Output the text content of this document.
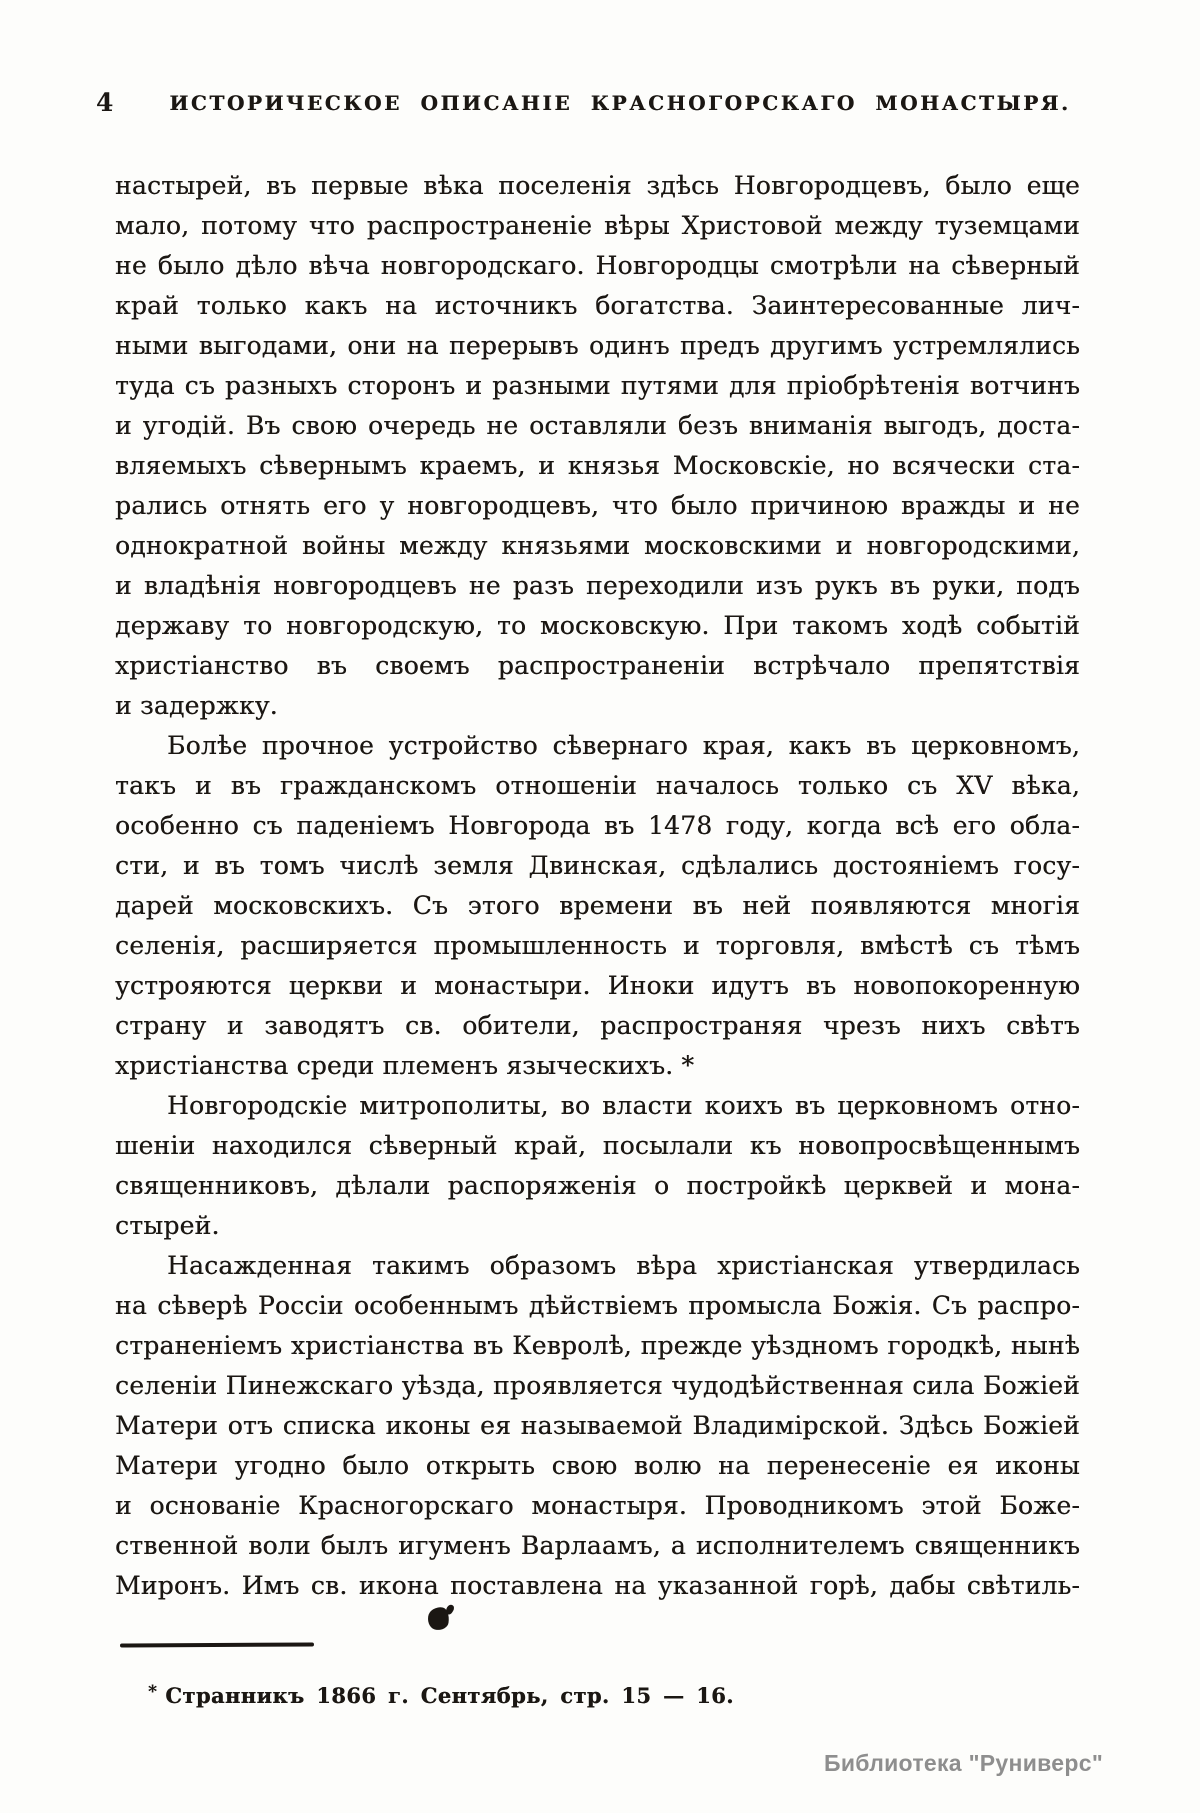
4	ИСТОРИЧЕСКОЕ ОПИСАНІЕ КРАСНОГОРСКАГО МОНАСТЫРЯ.
настырей, въ первые вѣка поселенія здѣсь Новгородцевъ, было еще
мало, потому что распространеніе вѣры Христовой между туземцами
не было дѣло вѣча новгородскаго. Новгородцы смотрѣли на сѣверный
край только какъ на источникъ богатства. Заинтересованные лич-
ными выгодами, они на перерывъ одинъ предъ другимъ устремлялись
туда съ разныхъ сторонъ и разными путями для пріобрѣтенія вотчинъ
и угодій. Въ свою очередь не оставляли безъ вниманія выгодъ, доста-
вляемыхъ сѣвернымъ краемъ, и князья Московскіе, но всячески ста-
рались отнять его у новгородцевъ, что было причиною вражды и не
однократной войны между князьями московскими и новгородскими,
и владѣнія новгородцевъ не разъ переходили изъ рукъ въ руки, подъ
державу то новгородскую, то московскую. При такомъ ходѣ событій
христіанство въ своемъ распространеніи встрѣчало препятствія
и задержку.
Болѣе прочное устройство сѣвернаго края, какъ въ церковномъ,
такъ и въ гражданскомъ отношеніи началось только съ XV вѣка,
особенно съ паденіемъ Новгорода въ 1478 году, когда всѣ его обла-
сти, и въ томъ числѣ земля Двинская, сдѣлались достояніемъ госу-
дарей московскихъ. Съ этого времени въ ней появляются многія
селенія, расширяется промышленность и торговля, вмѣстѣ съ тѣмъ
устрояются церкви и монастыри. Иноки идутъ въ новопокоренную
страну и заводятъ св. обители, распространяя чрезъ нихъ свѣтъ
христіанства среди племенъ языческихъ. *
Новгородскіе митрополиты, во власти коихъ въ церковномъ отно-
шеніи находился сѣверный край, посылали къ новопросвѣщеннымъ
священниковъ, дѣлали распоряженія о постройкѣ церквей и мона-
стырей.
Насажденная такимъ образомъ вѣра христіанская утвердилась
на сѣверѣ Россіи особеннымъ дѣйствіемъ промысла Божія. Съ распро-
страненіемъ христіанства въ Кевролѣ, прежде уѣздномъ городкѣ, нынѣ
селеніи Пинежскаго уѣзда, проявляется чудодѣйственная сила Божіей
Матери отъ списка иконы ея называемой Владимірской. Здѣсь Божіей
Матери угодно было открыть свою волю на перенесеніе ея иконы
и основаніе Красногорскаго монастыря. Проводникомъ этой Боже-
ственной воли былъ игуменъ Варлаамъ, а исполнителемъ священникъ
Миронъ. Имъ св. икона поставлена на указанной горѣ, дабы свѣтиль-
* Странникъ 1866 г. Сентябрь, стр. 15 — 16.
Библиотека "Руниверс"
